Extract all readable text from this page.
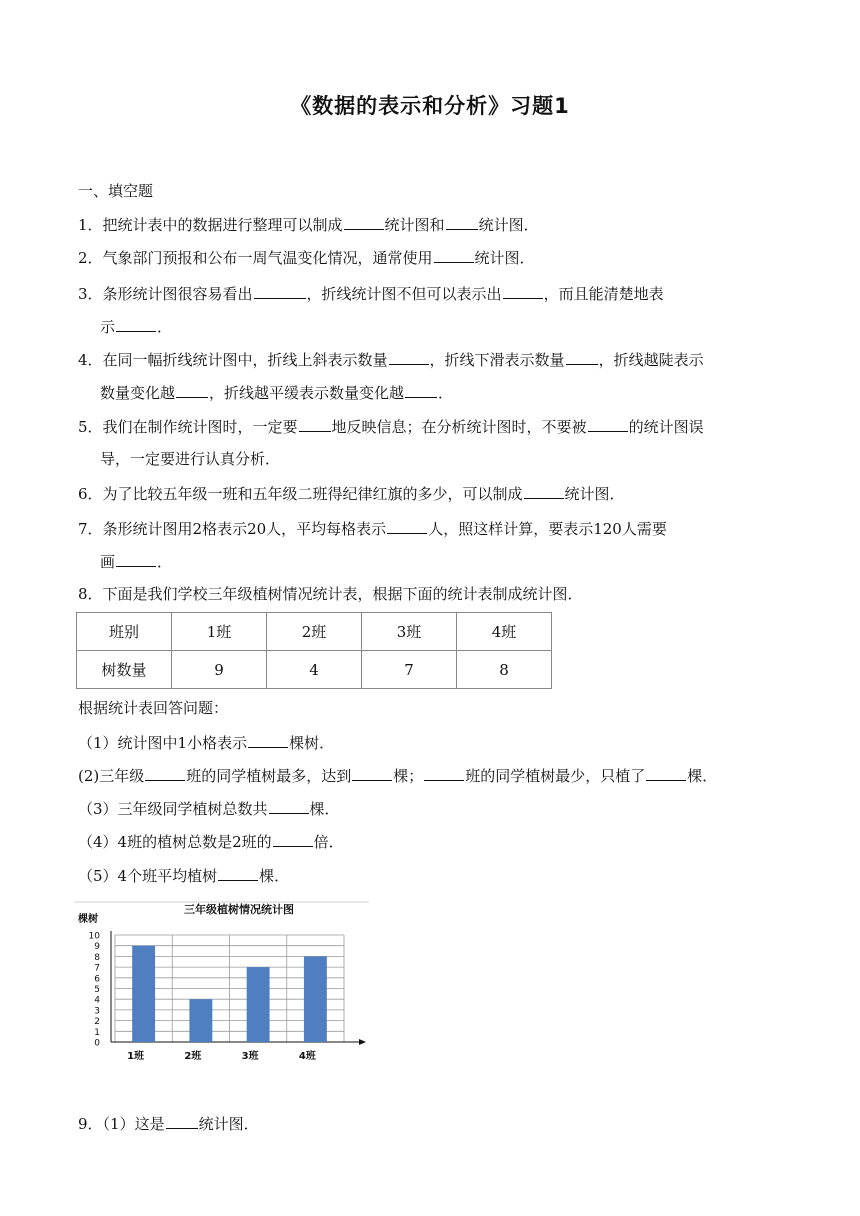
《数据的表示和分析》习题1
一、填空题
1．把统计表中的数据进行整理可以制成	统计图和 统计图．
2．气象部门预报和公布一周气温变化情况，通常使用	统计图．
3．条形统计图很容易看出	，折线统计图不但可以表示出	，而且能清楚地表
示	．
4．在同一幅折线统计图中，折线上斜表示数量	，折线下滑表示数量 ，折线越陡表示
数量变化越 ，折线越平缓表示数量变化越 ．
5．我们在制作统计图时，一定要 地反映信息；在分析统计图时，不要被	的统计图误
导，一定要进行认真分析．
6．为了比较五年级一班和五年级二班得纪律红旗的多少，可以制成	统计图．
7．条形统计图用2格表示20人，平均每格表示	人，照这样计算，要表示120人需要
画	．
8．下面是我们学校三年级植树情况统计表，根据下面的统计表制成统计图．
班别	1班	2班	3班	4班
树数量	9	4	7	8
根据统计表回答问题：
（1）统计图中1小格表示	棵树．
(2)三年级	班的同学植树最多，达到	棵；	班的同学植树最少，只植了	棵．
（3）三年级同学植树总数共	棵．
（4）4班的植树总数是2班的	倍．
（5）4个班平均植树	棵．
三年级植树情况统计图
棵树
0
1
2
3
4
5
6
7
8
9
10
1班	2班	3班	4班
9．（1）这是 统计图．
